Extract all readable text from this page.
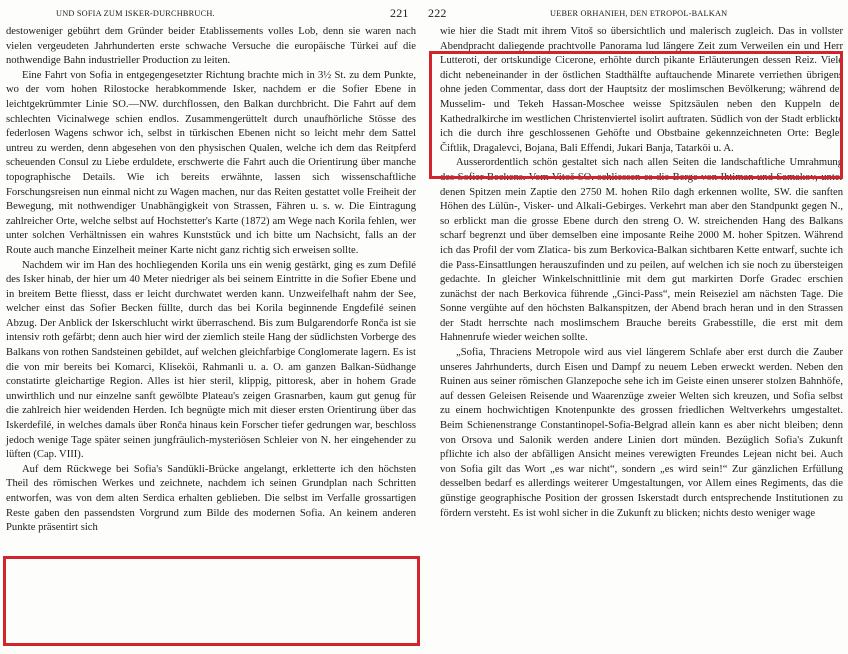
UND SOFIA ZUM ISKER-DURCHBRUCH.	221

destoweniger gebührt dem Gründer beider Etablissements volles Lob, denn sie waren nach vielen vergeudeten Jahrhunderten erste schwache Versuche die europäische Türkei auf die nothwendige Bahn industrieller Production zu leiten.

Eine Fahrt von Sofia in entgegengesetzter Richtung brachte mich in 3½ St. zu dem Punkte, wo der vom hohen Rilostocke herabkommende Isker, nachdem er die Sofier Ebene in leichtgekrümmter Linie SO.—NW. durchflossen, den Balkan durchbricht. Die Fahrt auf dem schlechten Vicinalwege schien endlos. Zusammengerüttelt durch unaufhörliche Stösse des federlosen Wagens schwor ich, selbst in türkischen Ebenen nicht so leicht mehr dem Sattel untreu zu werden, denn abgesehen von den physischen Qualen, welche ich dem das Reitpferd scheuenden Consul zu Liebe erduldete, erschwerte die Fahrt auch die Orientirung über manche topographische Details. Wie ich bereits erwähnte, lassen sich wissenschaftliche Forschungsreisen nun einmal nicht zu Wagen machen, nur das Reiten gestattet volle Freiheit der Bewegung, mit nothwendiger Unabhängigkeit von Strassen, Fähren u. s. w. Die Eintragung zahlreicher Orte, welche selbst auf Hochstetter's Karte (1872) am Wege nach Korila fehlen, wer unter solchen Verhältnissen ein wahres Kunststück und ich bitte um Nachsicht, falls an der Route auch manche Einzelheit meiner Karte nicht ganz richtig sich erweisen sollte.

Nachdem wir im Han des hochliegenden Korila uns ein wenig gestärkt, ging es zum Defilé des Isker hinab, der hier um 40 Meter niedriger als bei seinem Eintritte in die Sofier Ebene und in breitem Bette fliesst, dass er leicht durchwatet werden kann. Unzweifelhaft nahm der See, welcher einst das Sofier Becken füllte, durch das bei Korila beginnende Engdefilé seinen Abzug. Der Anblick der Iskerschlucht wirkt überraschend. Bis zum Bulgarendorfe Ronča ist sie intensiv roth gefärbt; denn auch hier wird der ziemlich steile Hang der südlichsten Vorberge des Balkans von rothen Sandsteinen gebildet, auf welchen gleichfarbige Conglomerate lagern. Es ist die von mir bereits bei Komarci, Kliseköi, Rahmanli u. a. O. am ganzen Balkan-Südhange constatirte gleichartige Region. Alles ist hier steril, klippig, pittoresk, aber in hohem Grade unwirthlich und nur einzelne sanft gewölbte Plateau's zeigen Grasnarben, kaum gut genug für die zahlreich hier weidenden Herden. Ich begnügte mich mit dieser ersten Orientirung über das Iskerdefilé, in welches damals über Ronča hinaus kein Forscher tiefer gedrungen war, beschloss jedoch wenige Tage später seinen jungfräulich-mysteriösen Schleier von N. her eingehender zu lüften (Cap. VIII).

Auf dem Rückwege bei Sofia's Sandükli-Brücke angelangt, erkletterte ich den höchsten Theil des römischen Werkes und zeichnete, nachdem ich seinen Grundplan nach Schritten entworfen, was von dem alten Serdica erhalten geblieben. Die selbst im Verfalle grossartigen Reste gaben den passendsten Vorgrund zum Bilde des modernen Sofia. An keinem anderen Punkte präsentirt sich

222	UEBER ORHANIEH, DEN ETROPOL-BALKAN

wie hier die Stadt mit ihrem Vitoš so übersichtlich und malerisch zugleich. Das in vollster Abendpracht daliegende prachtvolle Panorama lud längere Zeit zum Verweilen ein und Herr Lutteroti, der ortskundige Cicerone, erhöhte durch pikante Erläuterungen dessen Reiz. Viele dicht nebeneinander in der östlichen Stadthälfte auftauchende Minarete verriethen übrigens ohne jeden Commentar, dass dort der Hauptsitz der moslimschen Bevölkerung; während der Musselim- und Tekeh Hassan-Moschee weisse Spitzsäulen neben den Kuppeln der Kathedralkirche im westlichen Christenviertel isolirt auftraten. Südlich von der Stadt erblickte ich die durch ihre geschlossenen Gehöfte und Obstbaine gekennzeichneten Orte: Begler Čiftlik, Dragalevci, Bojana, Bali Effendi, Jukari Banja, Tatarköi u. A.

Ausserordentlich schön gestaltet sich nach allen Seiten die landschaftliche Umrahmung des Sofier Beckens. Vom Vitoš SO. schliessen es die Berge von Ihtiman und Samakov, unter denen Spitzen mein Zaptie den 2750 M. hohen Rilo dagh erkennen wollte, SW. die sanften Höhen des Lülün-, Visker- und Alkali-Gebirges. Verkehrt man aber den Standpunkt gegen N., so erblickt man die grosse Ebene durch den streng O. W. streichenden Hang des Balkans scharf begrenzt und über demselben eine imposante Reihe 2000 M. hoher Spitzen. Während ich das Profil der vom Zlatica- bis zum Berkovica-Balkan sichtbaren Kette entwarf, suchte ich die Pass-Einsattlungen herauszufinden und zu peilen, auf welchen ich sie noch zu übersteigen gedachte. In gleicher Winkelschnittlinie mit dem gut markirten Dorfe Gradec erschien zunächst der nach Berkovica führende „Ginci-Pass“, mein Reiseziel am nächsten Tage. Die Sonne vergühte auf den höchsten Balkanspitzen, der Abend brach heran und in den Strassen der Stadt herrschte nach moslimschem Brauche bereits Grabesstille, die erst mit dem Hahnenrufe wieder weichen sollte.

„Sofia, Thraciens Metropole wird aus viel längerem Schlafe aber erst durch die Zauber unseres Jahrhunderts, durch Eisen und Dampf zu neuem Leben erweckt werden. Neben den Ruinen aus seiner römischen Glanzepoche sehe ich im Geiste einen unserer stolzen Bahnhöfe, auf dessen Geleisen Reisende und Waarenzüge zweier Welten sich kreuzen, und Sofia selbst zu einem hochwichtigen Knotenpunkte des grossen friedlichen Weltverkehrs umgestaltet. Beim Schienenstrange Constantinopel-Sofia-Belgrad allein kann es aber nicht bleiben; denn von Orsova und Salonik werden andere Linien dort münden. Bezüglich Sofia's Zukunft pflichte ich also der abfälligen Ansicht meines verewigten Freundes Lejean nicht bei. Auch von Sofia gilt das Wort „es war nicht“, sondern „es wird sein!“ Zur gänzlichen Erfüllung desselben bedarf es allerdings weiterer Umgestaltungen, vor Allem eines Regiments, das die günstige geographische Position der grossen Iskerstadt durch entsprechende Institutionen zu fördern versteht. Es ist wohl sicher in die Zukunft zu blicken; nichts desto weniger wage
